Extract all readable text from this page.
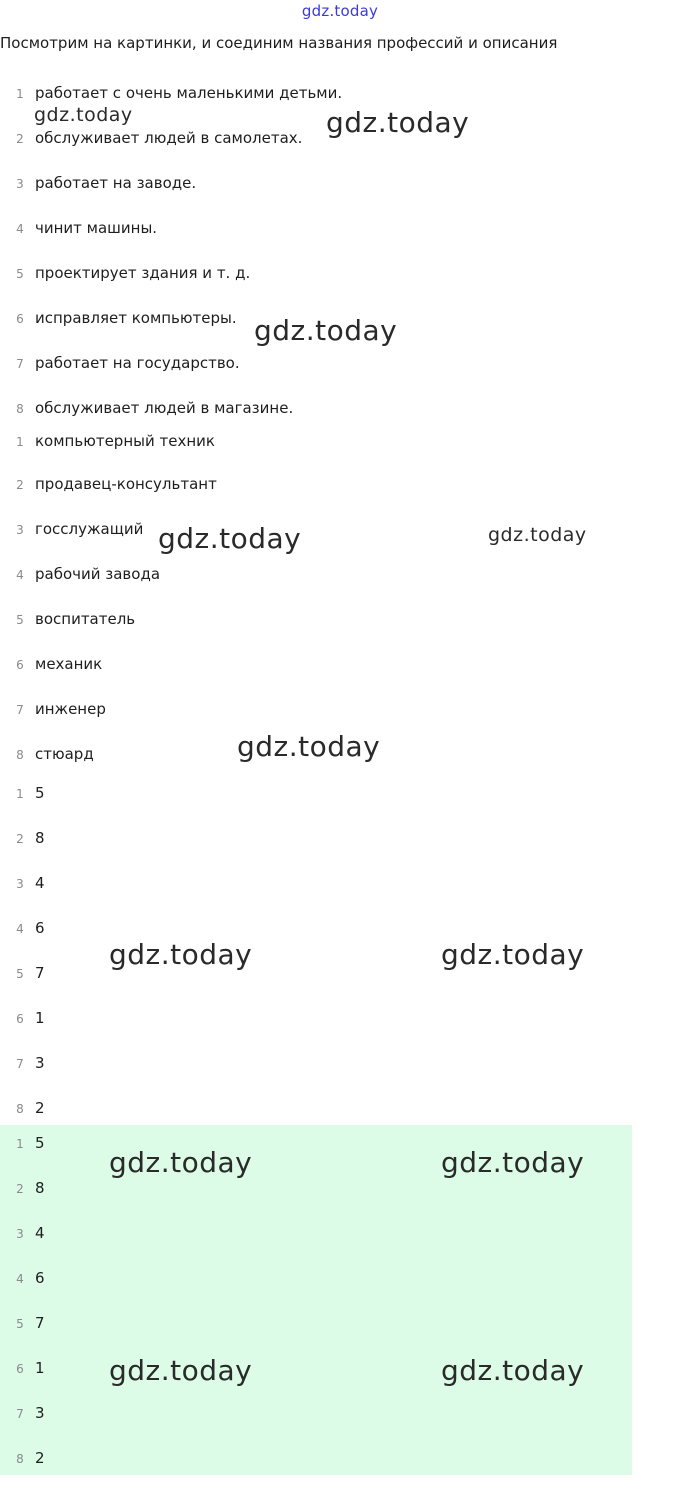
gdz.today
Посмотрим на картинки, и соединим названия профессий и описания
1 работает с очень маленькими детьми.
2 обслуживает людей в самолетах.
3 работает на заводе.
4 чинит машины.
5 проектирует здания и т. д.
6 исправляет компьютеры.
7 работает на государство.
8 обслуживает людей в магазине.
1 компьютерный техник
2 продавец-консультант
3 госслужащий
4 рабочий завода
5 воспитатель
6 механик
7 инженер
8 стюард
1 5
2 8
3 4
4 6
5 7
6 1
7 3
8 2
1 5
2 8
3 4
4 6
5 7
6 1
7 3
8 2
gdz.today	gdz.today
gdz.today
gdz.today	gdz.today
gdz.today
gdz.today	gdz.today
gdz.today	gdz.today
gdz.today	gdz.today
